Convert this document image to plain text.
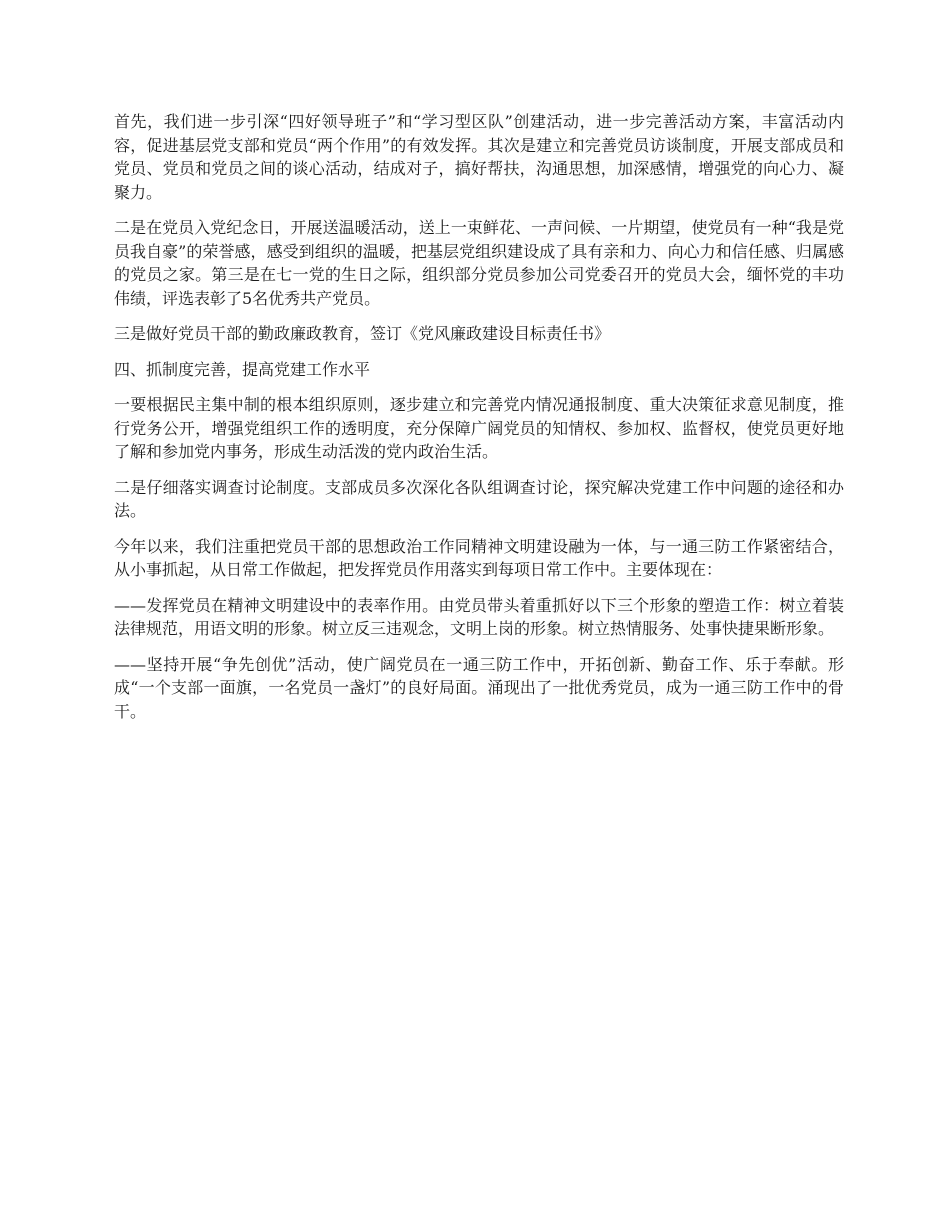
首先，我们进一步引深“四好领导班子”和“学习型区队”创建活动，进一步完善活动方案，丰富活动内容，促进基层党支部和党员“两个作用”的有效发挥。其次是建立和完善党员访谈制度，开展支部成员和党员、党员和党员之间的谈心活动，结成对子，搞好帮扶，沟通思想，加深感情，增强党的向心力、凝聚力。

二是在党员入党纪念日，开展送温暖活动，送上一束鲜花、一声问候、一片期望，使党员有一种“我是党员我自豪”的荣誉感，感受到组织的温暖，把基层党组织建设成了具有亲和力、向心力和信任感、归属感的党员之家。第三是在七一党的生日之际，组织部分党员参加公司党委召开的党员大会，缅怀党的丰功伟绩，评选表彰了5名优秀共产党员。

三是做好党员干部的勤政廉政教育，签订《党风廉政建设目标责任书》

四、抓制度完善，提高党建工作水平

一要根据民主集中制的根本组织原则，逐步建立和完善党内情况通报制度、重大决策征求意见制度，推行党务公开，增强党组织工作的透明度，充分保障广阔党员的知情权、参加权、监督权，使党员更好地了解和参加党内事务，形成生动活泼的党内政治生活。

二是仔细落实调查讨论制度。支部成员多次深化各队组调查讨论，探究解决党建工作中问题的途径和办法。

今年以来，我们注重把党员干部的思想政治工作同精神文明建设融为一体，与一通三防工作紧密结合，从小事抓起，从日常工作做起，把发挥党员作用落实到每项日常工作中。主要体现在：

——发挥党员在精神文明建设中的表率作用。由党员带头着重抓好以下三个形象的塑造工作：树立着装法律规范，用语文明的形象。树立反三违观念，文明上岗的形象。树立热情服务、处事快捷果断形象。

——坚持开展“争先创优”活动，使广阔党员在一通三防工作中，开拓创新、勤奋工作、乐于奉献。形成“一个支部一面旗，一名党员一盏灯”的良好局面。涌现出了一批优秀党员，成为一通三防工作中的骨干。
